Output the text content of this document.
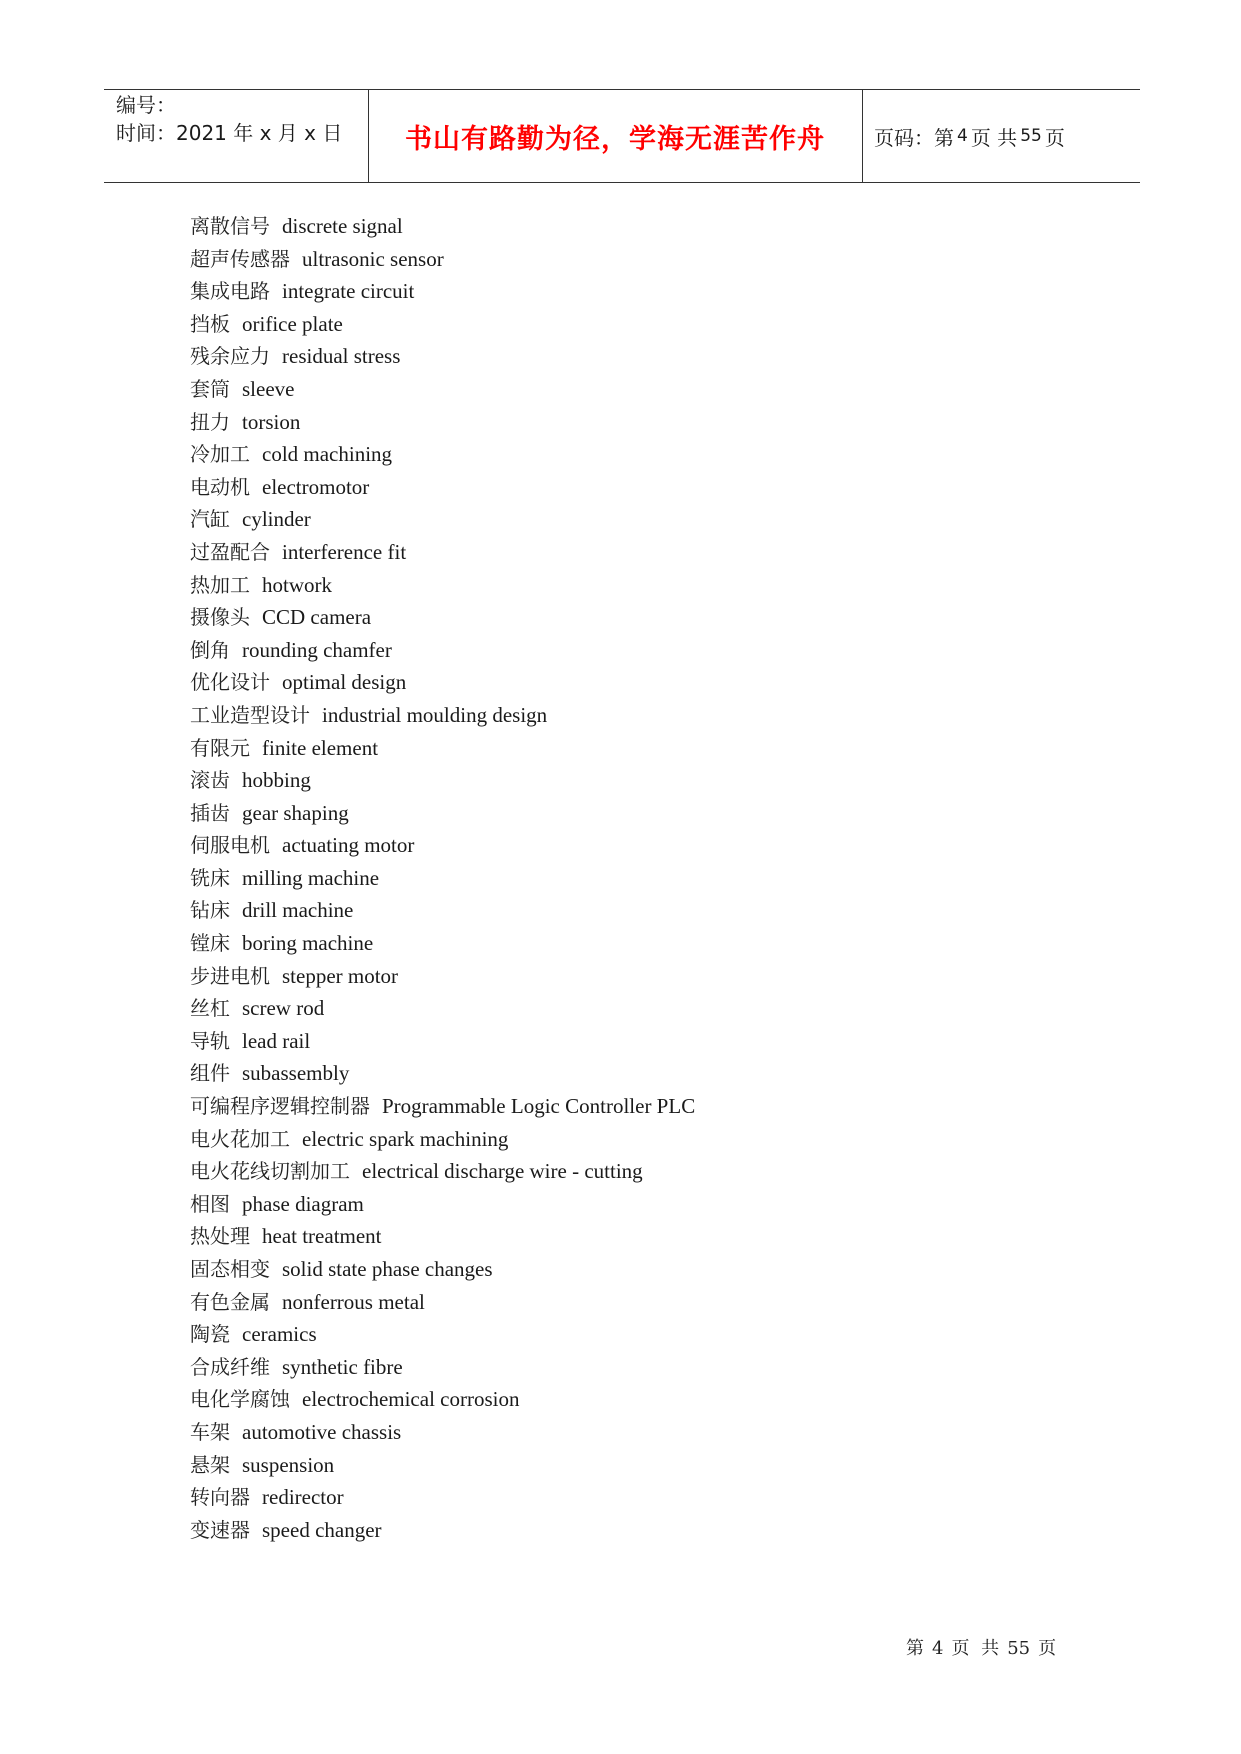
编号：
时间：2021 年 x 月 x 日	书山有路勤为径，学海无涯苦作舟	页码：第 4 页 共 55 页
离散信号 discrete signal
超声传感器 ultrasonic sensor
集成电路 integrate circuit
挡板 orifice plate
残余应力 residual stress
套筒 sleeve
扭力 torsion
冷加工 cold machining
电动机 electromotor
汽缸 cylinder
过盈配合 interference fit
热加工 hotwork
摄像头 CCD camera
倒角 rounding chamfer
优化设计 optimal design
工业造型设计 industrial moulding design
有限元 finite element
滚齿 hobbing
插齿 gear shaping
伺服电机 actuating motor
铣床 milling machine
钻床 drill machine
镗床 boring machine
步进电机 stepper motor
丝杠 screw rod
导轨 lead rail
组件 subassembly
可编程序逻辑控制器 Programmable Logic Controller PLC
电火花加工 electric spark machining
电火花线切割加工 electrical discharge wire - cutting
相图 phase diagram
热处理 heat treatment
固态相变 solid state phase changes
有色金属 nonferrous metal
陶瓷 ceramics
合成纤维 synthetic fibre
电化学腐蚀 electrochemical corrosion
车架 automotive chassis
悬架 suspension
转向器 redirector
变速器 speed changer
第 4 页 共 55 页
